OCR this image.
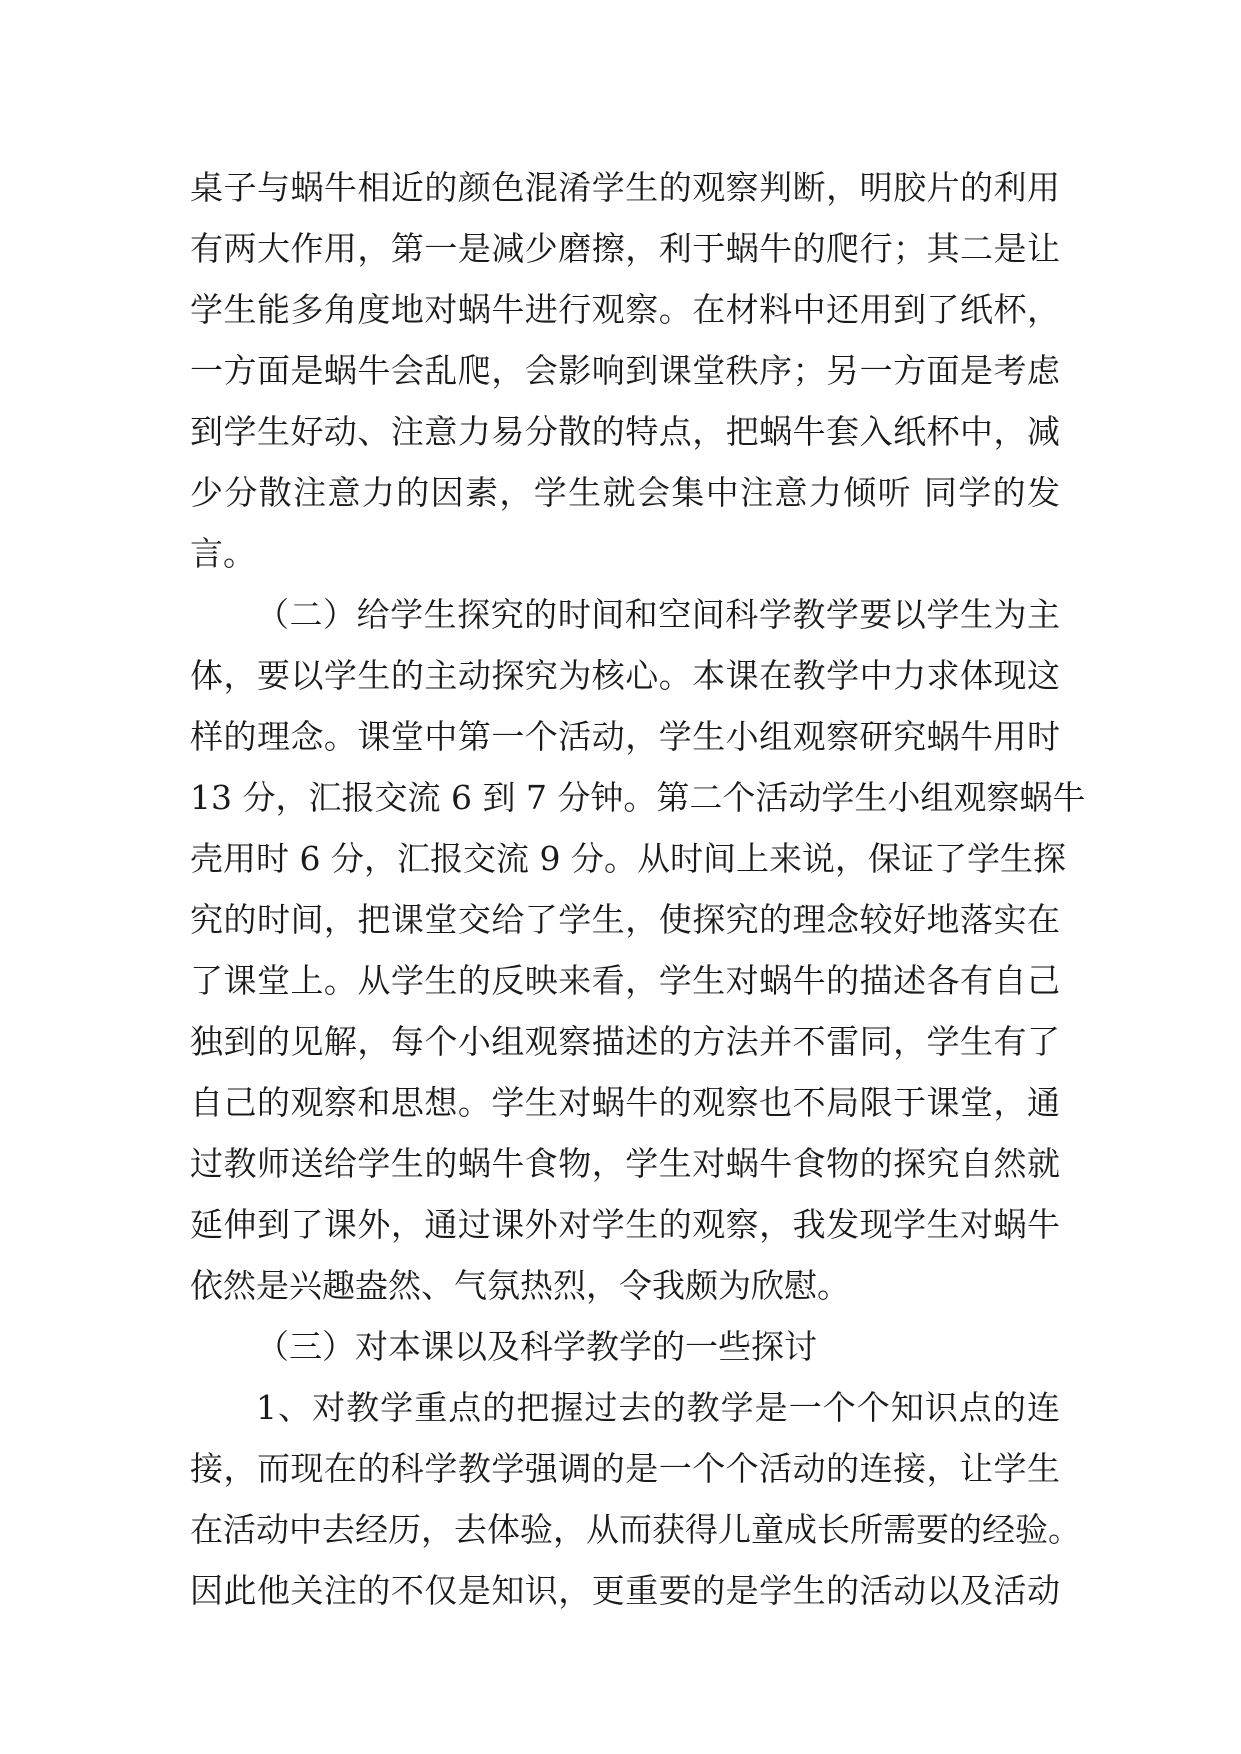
桌子与蜗牛相近的颜色混淆学生的观察判断，明胶片的利用
有两大作用，第一是减少磨擦，利于蜗牛的爬行；其二是让
学生能多角度地对蜗牛进行观察。在材料中还用到了纸杯，
一方面是蜗牛会乱爬，会影响到课堂秩序；另一方面是考虑
到学生好动、注意力易分散的特点，把蜗牛套入纸杯中，减
少分散注意力的因素，学生就会集中注意力倾听 同学的发
言。
（二）给学生探究的时间和空间科学教学要以学生为主
体，要以学生的主动探究为核心。本课在教学中力求体现这
样的理念。课堂中第一个活动，学生小组观察研究蜗牛用时
13 分，汇报交流 6 到 7 分钟。第二个活动学生小组观察蜗牛
壳用时 6 分，汇报交流 9 分。从时间上来说，保证了学生探
究的时间，把课堂交给了学生，使探究的理念较好地落实在
了课堂上。从学生的反映来看，学生对蜗牛的描述各有自己
独到的见解，每个小组观察描述的方法并不雷同，学生有了
自己的观察和思想。学生对蜗牛的观察也不局限于课堂，通
过教师送给学生的蜗牛食物，学生对蜗牛食物的探究自然就
延伸到了课外，通过课外对学生的观察，我发现学生对蜗牛
依然是兴趣盎然、气氛热烈，令我颇为欣慰。
（三）对本课以及科学教学的一些探讨
1、对教学重点的把握过去的教学是一个个知识点的连
接，而现在的科学教学强调的是一个个活动的连接，让学生
在活动中去经历，去体验，从而获得儿童成长所需要的经验。
因此他关注的不仅是知识，更重要的是学生的活动以及活动
